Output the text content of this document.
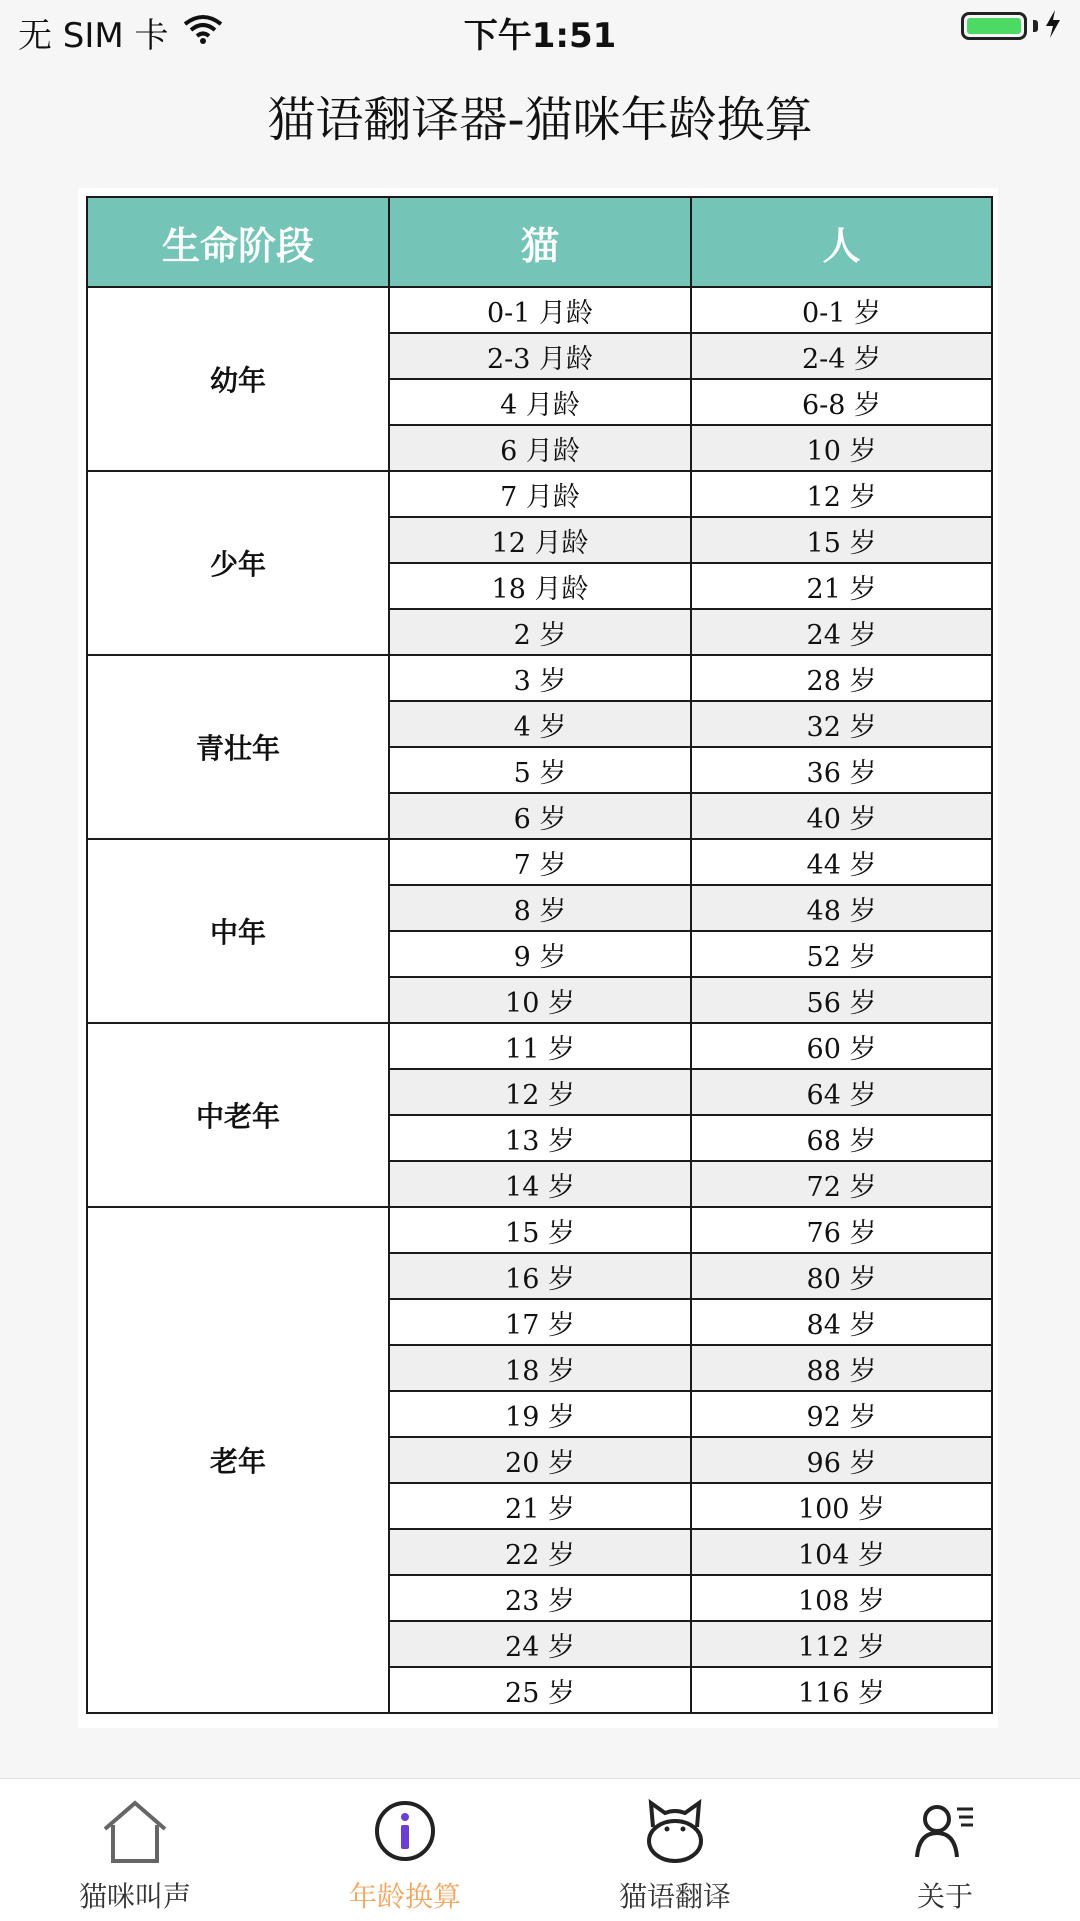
无 SIM 卡	下午1:51
猫语翻译器-猫咪年龄换算
生命阶段	猫	人
幼年	0-1 月龄	0-1 岁
	2-3 月龄	2-4 岁
	4 月龄	6-8 岁
	6 月龄	10 岁
少年	7 月龄	12 岁
	12 月龄	15 岁
	18 月龄	21 岁
	2 岁	24 岁
青壮年	3 岁	28 岁
	4 岁	32 岁
	5 岁	36 岁
	6 岁	40 岁
中年	7 岁	44 岁
	8 岁	48 岁
	9 岁	52 岁
	10 岁	56 岁
中老年	11 岁	60 岁
	12 岁	64 岁
	13 岁	68 岁
	14 岁	72 岁
老年	15 岁	76 岁
	16 岁	80 岁
	17 岁	84 岁
	18 岁	88 岁
	19 岁	92 岁
	20 岁	96 岁
	21 岁	100 岁
	22 岁	104 岁
	23 岁	108 岁
	24 岁	112 岁
	25 岁	116 岁
猫咪叫声	年龄换算	猫语翻译	关于
